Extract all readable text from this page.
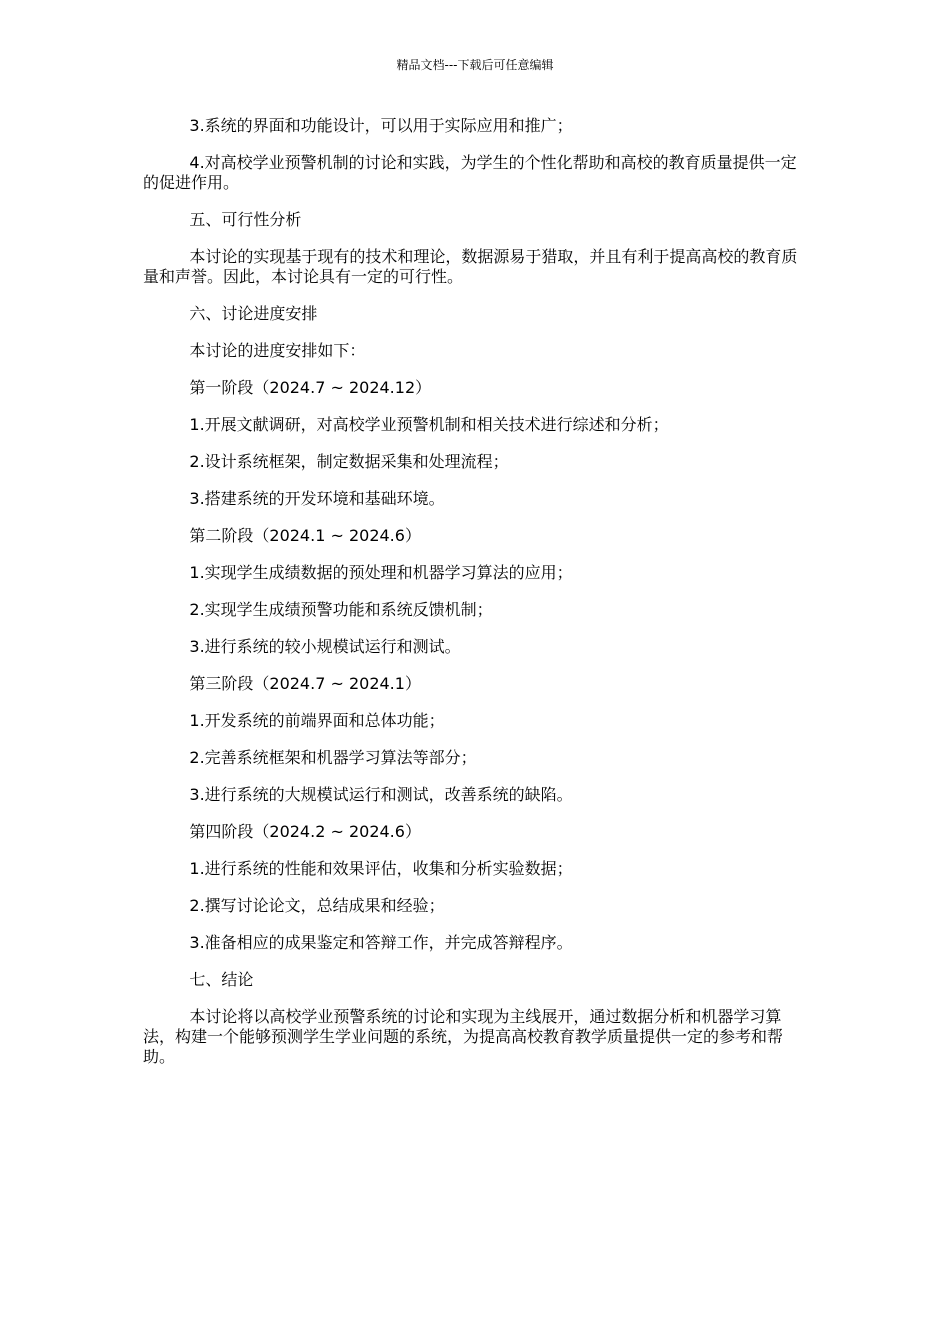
精品文档---下载后可任意编辑

3.系统的界面和功能设计，可以用于实际应用和推广；

4.对高校学业预警机制的讨论和实践，为学生的个性化帮助和高校的教育质量提供一定的促进作用。

五、可行性分析

本讨论的实现基于现有的技术和理论，数据源易于猎取，并且有利于提高高校的教育质量和声誉。因此，本讨论具有一定的可行性。

六、讨论进度安排

本讨论的进度安排如下：

第一阶段（2024.7 ~ 2024.12）

1.开展文献调研，对高校学业预警机制和相关技术进行综述和分析；

2.设计系统框架，制定数据采集和处理流程；

3.搭建系统的开发环境和基础环境。

第二阶段（2024.1 ~ 2024.6）

1.实现学生成绩数据的预处理和机器学习算法的应用；

2.实现学生成绩预警功能和系统反馈机制；

3.进行系统的较小规模试运行和测试。

第三阶段（2024.7 ~ 2024.1）

1.开发系统的前端界面和总体功能；

2.完善系统框架和机器学习算法等部分；

3.进行系统的大规模试运行和测试，改善系统的缺陷。

第四阶段（2024.2 ~ 2024.6）

1.进行系统的性能和效果评估，收集和分析实验数据；

2.撰写讨论论文，总结成果和经验；

3.准备相应的成果鉴定和答辩工作，并完成答辩程序。

七、结论

本讨论将以高校学业预警系统的讨论和实现为主线展开，通过数据分析和机器学习算法，构建一个能够预测学生学业问题的系统，为提高高校教育教学质量提供一定的参考和帮助。
